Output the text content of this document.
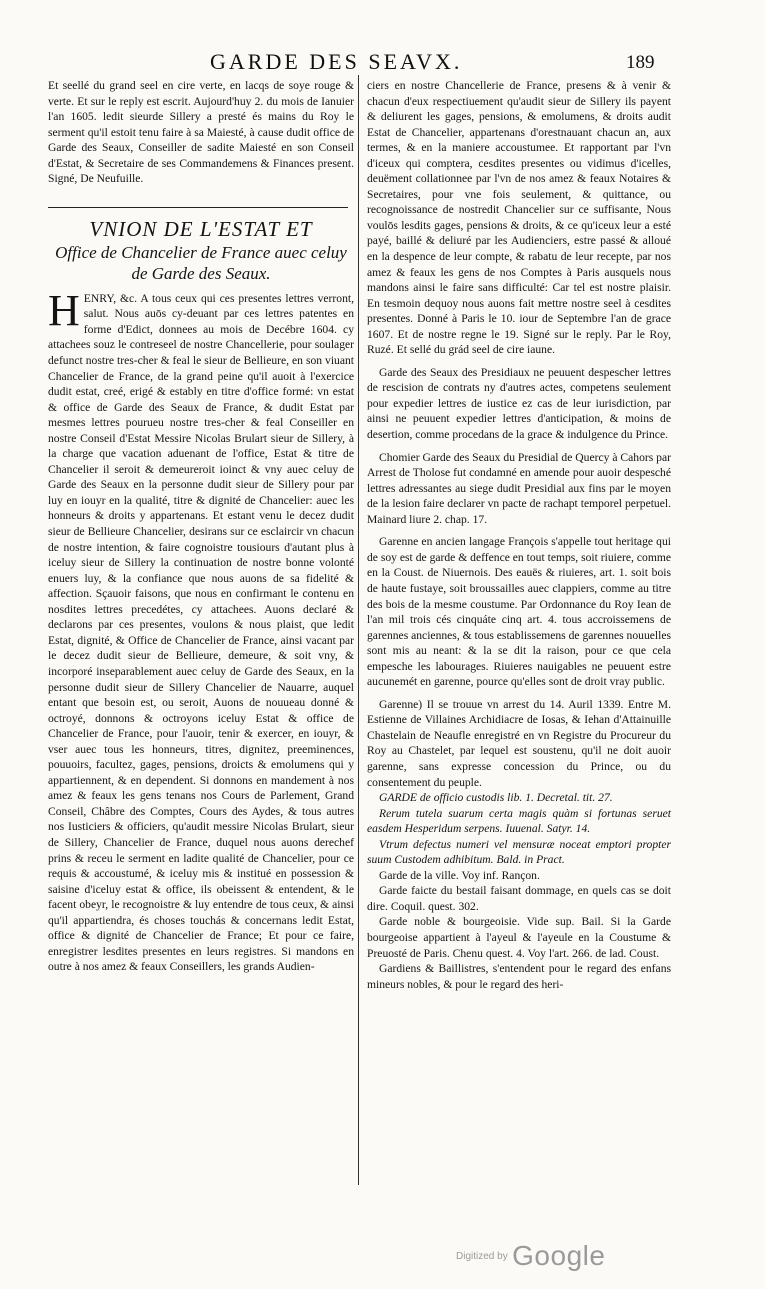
GARDE DES SEAVX.	189

Et seellé du grand seel en cire verte, en lacqs de soye rouge & verte. Et sur le reply est escrit. Aujourd'huy 2. du mois de Ianuier l'an 1605. ledit sieurde Sillery a presté és mains du Roy le serment qu'il estoit tenu faire à sa Maiesté, à cause dudit office de Garde des Seaux, Conseiller de sadite Maiesté en son Conseil d'Estat, & Secretaire de ses Commandemens & Finances present. Signé, De Neufuille.

VNION DE L'ESTAT ET
Office de Chancelier de France auec celuy de Garde des Seaux.
H ENRY, &c. A tous ceux qui ces presentes lettres verront, salut. Nous auōs cy-deuant par ces lettres patentes en forme d'Edict, donnees au mois de Decébre 1604. cy attachees souz le contreseel de nostre Chancellerie, pour soulager defunct nostre tres-cher & feal le sieur de Bellieure, en son viuant Chancelier de France, de la grand peine qu'il auoit à l'exercice dudit estat, creé, erigé & estably en titre d'office formé: vn estat & office de Garde des Seaux de France, & dudit Estat par mesmes lettres pourueu nostre tres-cher & feal Conseiller en nostre Conseil d'Estat Messire Nicolas Brulart sieur de Sillery, à la charge que vacation aduenant de l'office, Estat & titre de Chancelier il seroit & demeureroit ioinct & vny auec celuy de Garde des Seaux en la personne dudit sieur de Sillery pour par luy en iouyr en la qualité, titre & dignité de Chancelier: auec les honneurs & droits y appartenans. Et estant venu le decez dudit sieur de Bellieure Chancelier, desirans sur ce esclaircir vn chacun de nostre intention, & faire cognoistre tousiours d'autant plus à iceluy sieur de Sillery la continuation de nostre bonne volonté enuers luy, & la confiance que nous auons de sa fidelité & affection. Sçauoir faisons, que nous en confirmant le contenu en nosdites lettres precedétes, cy attachees. Auons declaré & declarons par ces presentes, voulons & nous plaist, que ledit Estat, dignité, & Office de Chancelier de France, ainsi vacant par le decez dudit sieur de Bellieure, demeure, & soit vny, & incorporé inseparablement auec celuy de Garde des Seaux, en la personne dudit sieur de Sillery Chancelier de Nauarre, auquel entant que besoin est, ou seroit, Auons de nouueau donné & octroyé, donnons & octroyons iceluy Estat & office de Chancelier de France, pour l'auoir, tenir & exercer, en iouyr, & vser auec tous les honneurs, titres, dignitez, preeminences, pouuoirs, facultez, gages, pensions, droicts & emolumens qui y appartiennent, & en dependent. Si donnons en mandement à nos amez & feaux les gens tenans nos Cours de Parlement, Grand Conseil, Châbre des Comptes, Cours des Aydes, & tous autres nos Iusticiers & officiers, qu'audit messire Nicolas Brulart, sieur de Sillery, Chancelier de France, duquel nous auons derechef prins & receu le serment en ladite qualité de Chancelier, pour ce requis & accoustumé, & iceluy mis & institué en possession & saisine d'iceluy estat & office, ils obeissent & entendent, & le facent obeyr, le recognoistre & luy entendre de tous ceux, & ainsi qu'il appartiendra, és choses touchás & concernans ledit Estat, office & dignité de Chancelier de France; Et pour ce faire, enregistrer lesdites presentes en leurs registres. Si mandons en outre à nos amez & feaux Conseillers, les grands Audien-

ciers en nostre Chancellerie de France, presens & à venir & chacun d'eux respectiuement qu'audit sieur de Sillery ils payent & deliurent les gages, pensions, & emolumens, & droits audit Estat de Chancelier, appartenans d'orestnauant chacun an, aux termes, & en la maniere accoustumee. Et rapportant par l'vn d'iceux qui comptera, cesdites presentes ou vidimus d'icelles, deuëment collationnee par l'vn de nos amez & feaux Notaires & Secretaires, pour vne fois seulement, & quittance, ou recognoissance de nostredit Chancelier sur ce suffisante, Nous voulōs lesdits gages, pensions & droits, & ce qu'iceux leur a esté payé, baillé & deliuré par les Audienciers, estre passé & alloué en la despence de leur compte, & rabatu de leur recepte, par nos amez & feaux les gens de nos Comptes à Paris ausquels nous mandons ainsi le faire sans difficulté: Car tel est nostre plaisir. En tesmoin dequoy nous auons fait mettre nostre seel à cesdites presentes. Donné à Paris le 10. iour de Septembre l'an de grace 1607. Et de nostre regne le 19. Signé sur le reply. Par le Roy, Ruzé. Et sellé du grád seel de cire iaune.

Garde des Seaux des Presidiaux ne peuuent despescher lettres de rescision de contrats ny d'autres actes, competens seulement pour expedier lettres de iustice ez cas de leur iurisdiction, par ainsi ne peuuent expedier lettres d'anticipation, & moins de desertion, comme procedans de la grace & indulgence du Prince.

Chomier Garde des Seaux du Presidial de Quercy à Cahors par Arrest de Tholose fut condamné en amende pour auoir despesché lettres adressantes au siege dudit Presidial aux fins par le moyen de la lesion faire declarer vn pacte de rachapt temporel perpetuel. Mainard liure 2. chap. 17.

Garenne en ancien langage François s'appelle tout heritage qui de soy est de garde & deffence en tout temps, soit riuiere, comme en la Coust. de Niuernois. Des eauës & riuieres, art. 1. soit bois de haute fustaye, soit broussailles auec clappiers, comme au titre des bois de la mesme coustume. Par Ordonnance du Roy Iean de l'an mil trois cés cinquáte cinq art. 4. tous accroissemens de garennes anciennes, & tous establissemens de garennes nouuelles sont mis au neant: & la se dit la raison, pour ce que cela empesche les labourages. Riuieres nauigables ne peuuent estre aucunemét en garenne, pource qu'elles sont de droit vray public.

Garenne) Il se trouue vn arrest du 14. Auril 1339. Entre M. Estienne de Villaines Archidiacre de Iosas, & Iehan d'Attainuille Chastelain de Neaufle enregistré en vn Registre du Procureur du Roy au Chastelet, par lequel est soustenu, qu'il ne doit auoir garenne, sans expresse concession du Prince, ou du consentement du peuple.

GARDE de officio custodis lib. 1. Decretal. tit. 27.

Rerum tutela suarum certa magis quàm si fortunas seruet easdem Hesperidum serpens. Iuuenal. Satyr. 14.

Vtrum defectus numeri vel mensuræ noceat emptori propter suum Custodem adhibitum. Bald. in Pract.

Garde de la ville. Voy inf. Rançon.

Garde faicte du bestail faisant dommage, en quels cas se doit dire. Coquil. quest. 302.

Garde noble & bourgeoisie. Vide sup. Bail. Si la Garde bourgeoise appartient à l'ayeul & l'ayeule en la Coustume & Preuosté de Paris. Chenu quest. 4. Voy l'art. 266. de lad. Coust.

Gardiens & Baillistres, s'entendent pour le regard des enfans mineurs nobles, & pour le regard des heri-

$^{Digitized by}$ Google
